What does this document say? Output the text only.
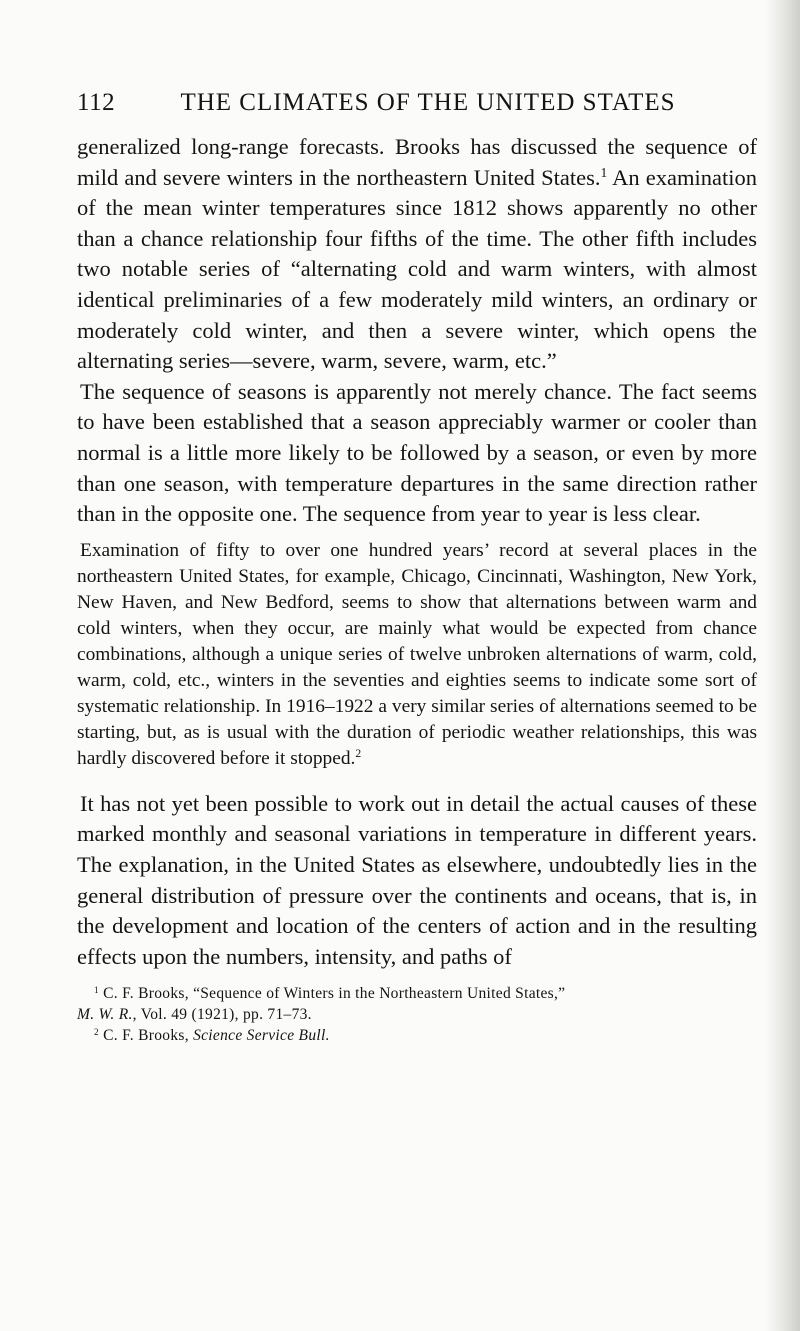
112	THE CLIMATES OF THE UNITED STATES

generalized long-range forecasts. Brooks has discussed the sequence of mild and severe winters in the northeastern United States.$^1$ An examination of the mean winter temperatures since 1812 shows apparently no other than a chance relationship four fifths of the time. The other fifth includes two notable series of “alternating cold and warm winters, with almost identical preliminaries of a few moderately mild winters, an ordinary or moderately cold winter, and then a severe winter, which opens the alternating series—severe, warm, severe, warm, etc.”

The sequence of seasons is apparently not merely chance. The fact seems to have been established that a season appreciably warmer or cooler than normal is a little more likely to be followed by a season, or even by more than one season, with temperature departures in the same direction rather than in the opposite one. The sequence from year to year is less clear.

Examination of fifty to over one hundred years’ record at several places in the northeastern United States, for example, Chicago, Cincinnati, Washington, New York, New Haven, and New Bedford, seems to show that alternations between warm and cold winters, when they occur, are mainly what would be expected from chance combinations, although a unique series of twelve unbroken alternations of warm, cold, warm, cold, etc., winters in the seventies and eighties seems to indicate some sort of systematic relationship. In 1916–1922 a very similar series of alternations seemed to be starting, but, as is usual with the duration of periodic weather relationships, this was hardly discovered before it stopped.$^2$

It has not yet been possible to work out in detail the actual causes of these marked monthly and seasonal variations in temperature in different years. The explanation, in the United States as elsewhere, undoubtedly lies in the general distribution of pressure over the continents and oceans, that is, in the development and location of the centers of action and in the resulting effects upon the numbers, intensity, and paths of

$^1$ C. F. Brooks, “Sequence of Winters in the Northeastern United States,”

M. W. R., Vol. 49 (1921), pp. 71–73.

$^2$ C. F. Brooks, Science Service Bull.
